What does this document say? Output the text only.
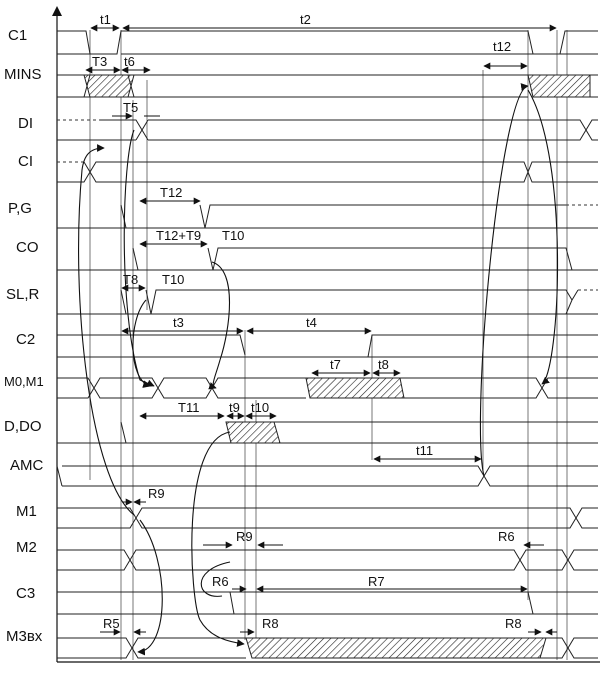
C1
MINS
DI
CI
P,G
CO
SL,R
C2
M0,M1
D,DO
AMC
M1
M2
C3
M3вх
t1	t2
t12
T3 t6
T5
T12
T12+T9 T10
T8 T10
t3	t4
t7	t8
T11 t9 t10
t11
R9
R9	R6
R6	R7
R5	R8	R8
